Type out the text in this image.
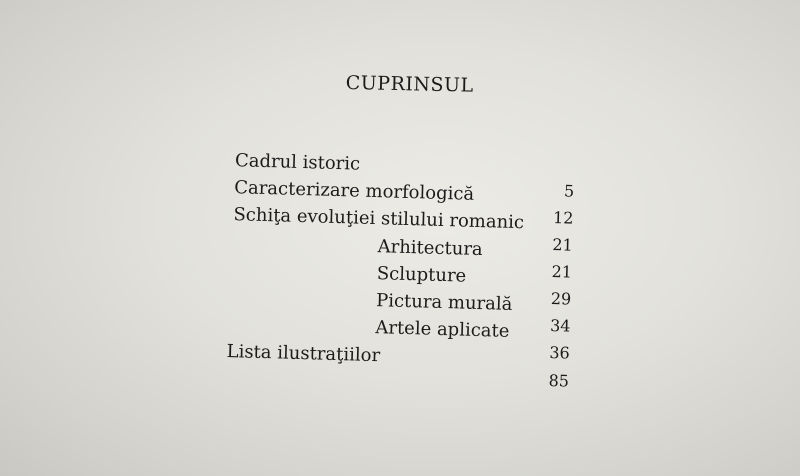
CUPRINSUL
Cadrul istoric
Caracterizare morfologică
Schiţa evoluţiei stilului romanic
Arhitectura
Sclupture
Pictura murală
Artele aplicate
Lista ilustraţiilor
5
12
21
21
29
34
36
85
